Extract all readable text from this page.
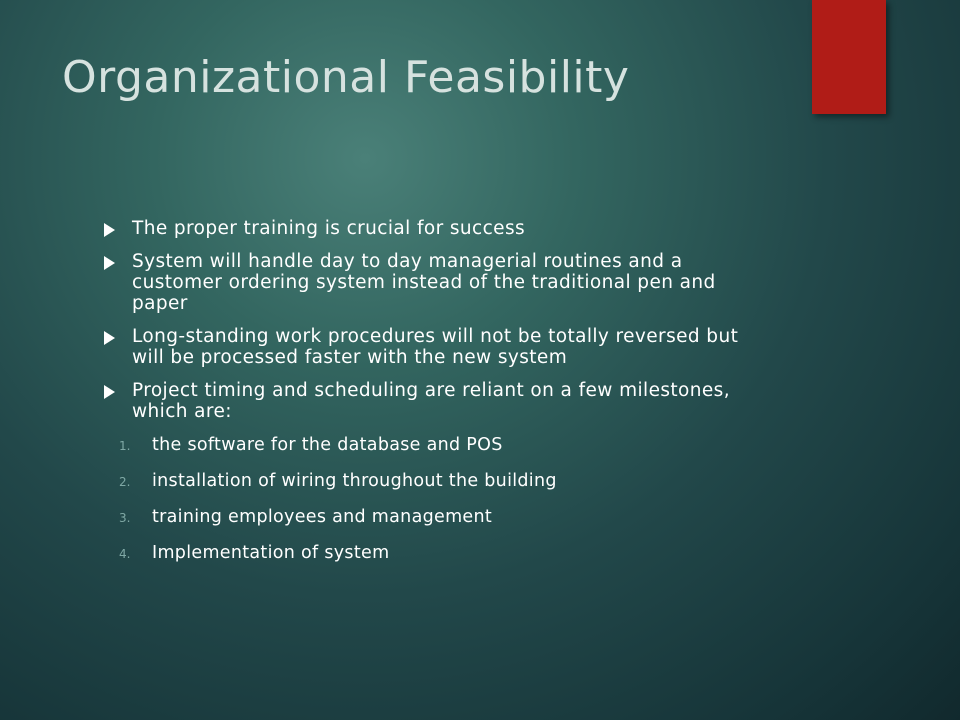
Organizational Feasibility
The proper training is crucial for success
System will handle day to day managerial routines and a customer ordering system instead of the traditional pen and paper
Long-standing work procedures will not be totally reversed but will be processed faster with the new system
Project timing and scheduling are reliant on a few milestones, which are:
1. the software for the database and POS
2. installation of wiring throughout the building
3. training employees and management
4. Implementation of system
